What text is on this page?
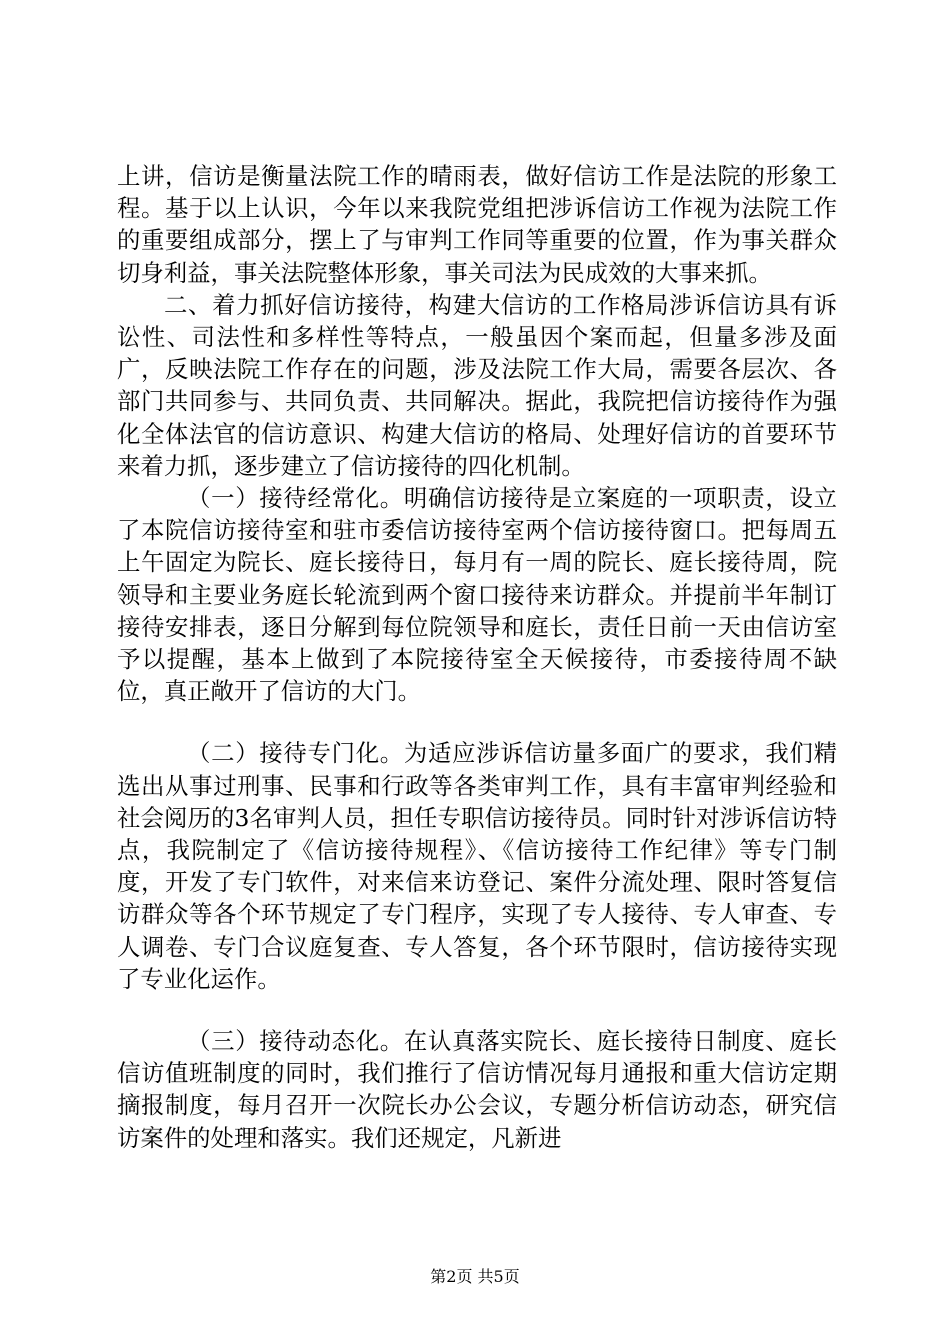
上讲，信访是衡量法院工作的晴雨表，做好信访工作是法院的形象工程。基于以上认识，今年以来我院党组把涉诉信访工作视为法院工作的重要组成部分，摆上了与审判工作同等重要的位置，作为事关群众切身利益，事关法院整体形象，事关司法为民成效的大事来抓。

二、着力抓好信访接待，构建大信访的工作格局涉诉信访具有诉讼性、司法性和多样性等特点，一般虽因个案而起，但量多涉及面广，反映法院工作存在的问题，涉及法院工作大局，需要各层次、各部门共同参与、共同负责、共同解决。据此，我院把信访接待作为强化全体法官的信访意识、构建大信访的格局、处理好信访的首要环节来着力抓，逐步建立了信访接待的四化机制。

（一）接待经常化。明确信访接待是立案庭的一项职责，设立了本院信访接待室和驻市委信访接待室两个信访接待窗口。把每周五上午固定为院长、庭长接待日，每月有一周的院长、庭长接待周，院领导和主要业务庭长轮流到两个窗口接待来访群众。并提前半年制订接待安排表，逐日分解到每位院领导和庭长，责任日前一天由信访室予以提醒，基本上做到了本院接待室全天候接待，市委接待周不缺位，真正敞开了信访的大门。

（二）接待专门化。为适应涉诉信访量多面广的要求，我们精选出从事过刑事、民事和行政等各类审判工作，具有丰富审判经验和社会阅历的3名审判人员，担任专职信访接待员。同时针对涉诉信访特点，我院制定了《信访接待规程》、《信访接待工作纪律》等专门制度，开发了专门软件，对来信来访登记、案件分流处理、限时答复信访群众等各个环节规定了专门程序，实现了专人接待、专人审查、专人调卷、专门合议庭复查、专人答复，各个环节限时，信访接待实现了专业化运作。

（三）接待动态化。在认真落实院长、庭长接待日制度、庭长信访值班制度的同时，我们推行了信访情况每月通报和重大信访定期摘报制度，每月召开一次院长办公会议，专题分析信访动态，研究信访案件的处理和落实。我们还规定，凡新进

第2页 共5页
